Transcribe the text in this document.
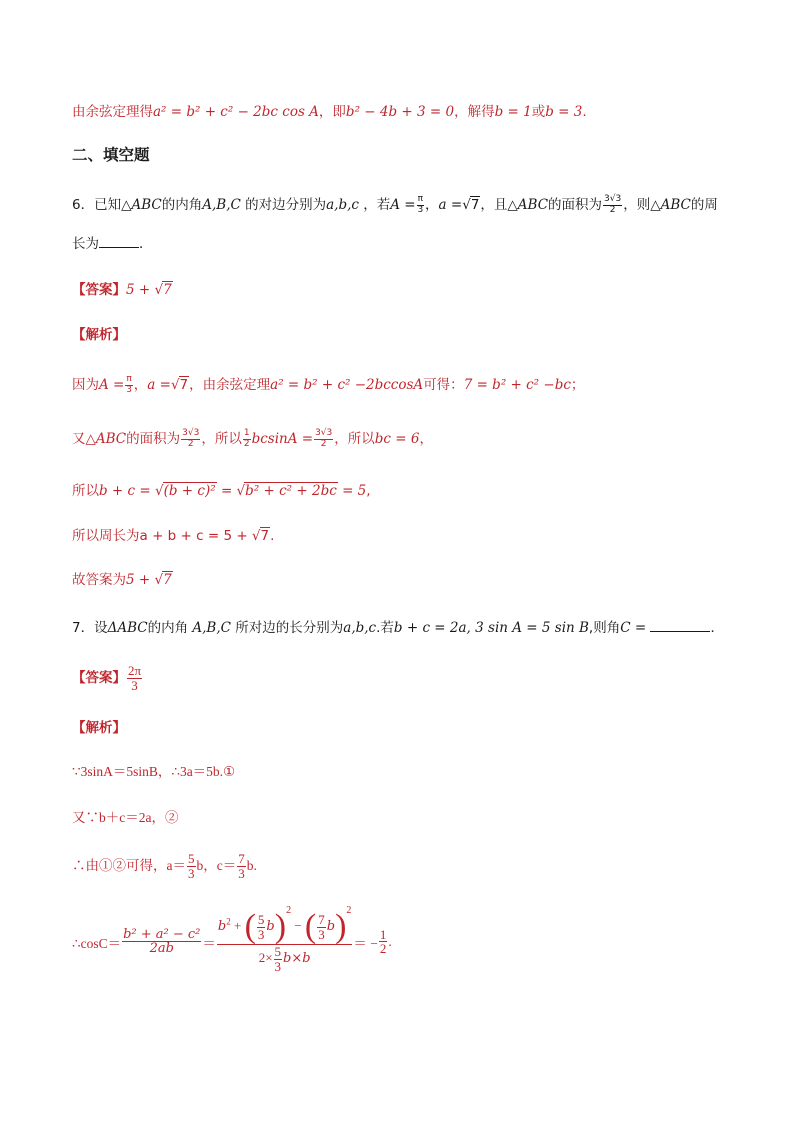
由余弦定理得a² = b² + c² − 2bc cos A，即b² − 4b + 3 = 0，解得b = 1或b = 3.
二、填空题
6．已知△ABC的内角A,B,C 的对边分别为a,b,c ，若$A = \frac{\pi}{3}$ ，a =√7，且△ABC的面积为 $\frac{3√3}{2}$ ，则△ABC的周
长为	．
【答案】5 + √7
【解析】
因为$A = \frac{\pi}{3}$ ，a =√7，由余弦定理a² = b² + c² −2bccosA可得：7 = b² + c² −bc；
又△ABC的面积为 $\frac{3√3}{2}$ ，所以 $\frac{1}{2}$ $bcsinA = \frac{3√3}{2}$ ，所以bc = 6，
所以b + c = √(b + c)² = √b² + c² + 2bc = 5,
所以周长为a + b + c = 5 + √7.
故答案为5 + √7
7．设ΔABC的内角 A,B,C 所对边的长分别为a,b,c.若b + c = 2a, 3 sin A = 5 sin B,则角C =	．
【答案】 $\frac{2\pi}{3}$
【解析】
∵3sinA＝5sinB，∴3a＝5b.①
又∵b＋c＝2a，②
∴由①②可得，$a= \frac{5}{3}$ b，$c= \frac{7}{3} b$.
∴cosC＝ $\frac{\text{b² + a² − c²}}{2ab} = \frac{b^2 + ( \frac{5}{3} b)^2 - ( \frac{7}{3} b)^2}{2\times \frac{5}{3} b\times b}$ ＝ − $\frac{1}{2}$ .
